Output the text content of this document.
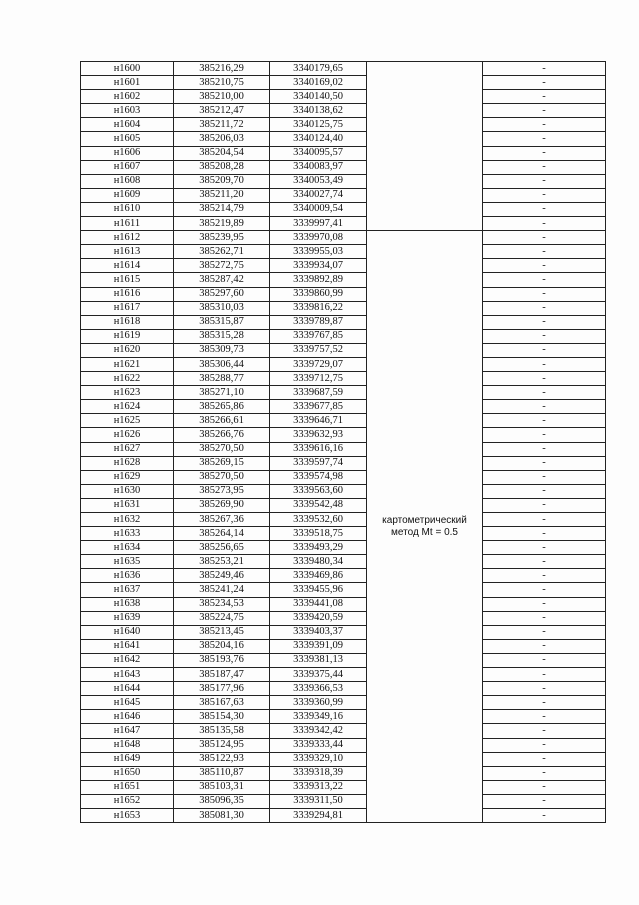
н1600	385216,29	3340179,65		-
н1601	385210,75	3340169,02		-
н1602	385210,00	3340140,50		-
н1603	385212,47	3340138,62		-
н1604	385211,72	3340125,75		-
н1605	385206,03	3340124,40		-
н1606	385204,54	3340095,57		-
н1607	385208,28	3340083,97		-
н1608	385209,70	3340053,49		-
н1609	385211,20	3340027,74		-
н1610	385214,79	3340009,54		-
н1611	385219,89	3339997,41		-
н1612	385239,95	3339970,08	картометрический
метод Mt = 0.5	-
н1613	385262,71	3339955,03		-
н1614	385272,75	3339934,07		-
н1615	385287,42	3339892,89		-
н1616	385297,60	3339860,99		-
н1617	385310,03	3339816,22		-
н1618	385315,87	3339789,87		-
н1619	385315,28	3339767,85		-
н1620	385309,73	3339757,52		-
н1621	385306,44	3339729,07		-
н1622	385288,77	3339712,75		-
н1623	385271,10	3339687,59		-
н1624	385265,86	3339677,85		-
н1625	385266,61	3339646,71		-
н1626	385266,76	3339632,93		-
н1627	385270,50	3339616,16		-
н1628	385269,15	3339597,74		-
н1629	385270,50	3339574,98		-
н1630	385273,95	3339563,60		-
н1631	385269,90	3339542,48		-
н1632	385267,36	3339532,60		-
н1633	385264,14	3339518,75		-
н1634	385256,65	3339493,29		-
н1635	385253,21	3339480,34		-
н1636	385249,46	3339469,86		-
н1637	385241,24	3339455,96		-
н1638	385234,53	3339441,08		-
н1639	385224,75	3339420,59		-
н1640	385213,45	3339403,37		-
н1641	385204,16	3339391,09		-
н1642	385193,76	3339381,13		-
н1643	385187,47	3339375,44		-
н1644	385177,96	3339366,53		-
н1645	385167,63	3339360,99		-
н1646	385154,30	3339349,16		-
н1647	385135,58	3339342,42		-
н1648	385124,95	3339333,44		-
н1649	385122,93	3339329,10		-
н1650	385110,87	3339318,39		-
н1651	385103,31	3339313,22		-
н1652	385096,35	3339311,50		-
н1653	385081,30	3339294,81		-
